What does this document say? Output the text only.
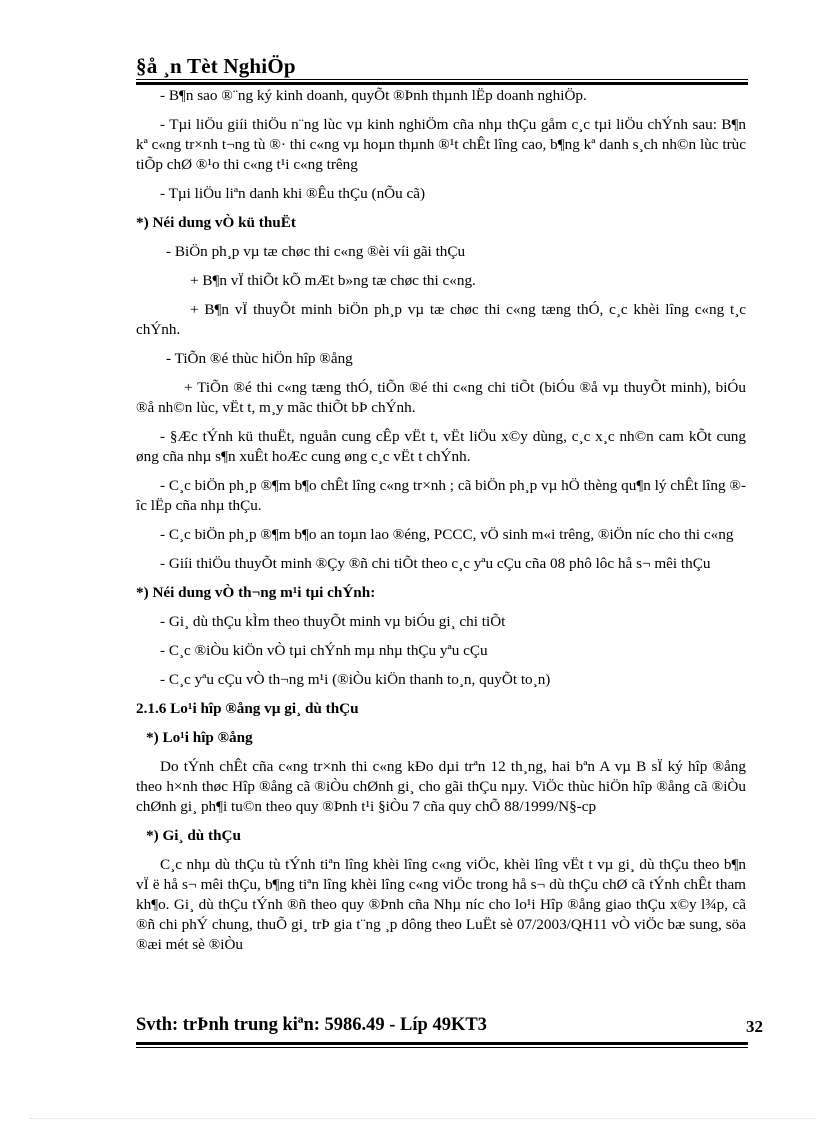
§å ¸n Tèt NghiÖp

- B¶n sao ®¨ng ký kinh doanh, quyÕt ®Þnh thµnh lËp doanh nghiÖp.

- Tµi liÖu giíi thiÖu n¨ng lùc vµ kinh nghiÖm cña nhµ thÇu gåm c¸c tµi liÖu chÝnh sau: B¶n kª c«ng tr×nh t¬ng tù ®· thi c«ng vµ hoµn thµnh ®¹t chÊt lîng cao, b¶ng kª danh s¸ch nh©n lùc trùc tiÕp chØ ®¹o thi c«ng t¹i c«ng trêng

- Tµi liÖu liªn danh khi ®Êu thÇu (nÕu cã)

*) Néi dung vÒ kü thuËt

- BiÖn ph¸p vµ tæ chøc thi c«ng ®èi víi gãi thÇu

+ B¶n vÏ thiÕt kÕ mÆt b»ng tæ chøc thi c«ng.

+ B¶n vÏ thuyÕt minh biÖn ph¸p vµ tæ chøc thi c«ng tæng thÓ, c¸c khèi lîng c«ng t¸c chÝnh.

- TiÕn ®é thùc hiÖn hîp ®ång

+ TiÕn ®é thi c«ng tæng thÓ, tiÕn ®é thi c«ng chi tiÕt (biÓu ®å vµ thuyÕt minh), biÓu ®å nh©n lùc, vËt t, m¸y mãc thiÕt bÞ chÝnh.

- §Æc tÝnh kü thuËt, nguån cung cÊp vËt t, vËt liÖu x©y dùng, c¸c x¸c nh©n cam kÕt cung øng cña nhµ s¶n xuÊt hoÆc cung øng c¸c vËt t chÝnh.

- C¸c biÖn ph¸p ®¶m b¶o chÊt lîng c«ng tr×nh ; cã biÖn ph¸p vµ hÖ thèng qu¶n lý chÊt lîng ®îc lËp cña nhµ thÇu.

- C¸c biÖn ph¸p ®¶m b¶o an toµn lao ®éng, PCCC, vÖ sinh m«i trêng, ®iÖn níc cho thi c«ng

- Giíi thiÖu thuyÕt minh ®Çy ®ñ chi tiÕt theo c¸c yªu cÇu cña 08 phô lôc hå s¬ mêi thÇu

*) Néi dung vÒ th¬ng m¹i tµi chÝnh:

- Gi¸ dù thÇu kÌm theo thuyÕt minh vµ biÓu gi¸ chi tiÕt

- C¸c ®iÒu kiÖn vÒ tµi chÝnh mµ nhµ thÇu yªu cÇu

- C¸c yªu cÇu vÒ th¬ng m¹i (®iÒu kiÖn thanh to¸n, quyÕt to¸n)

2.1.6 Lo¹i hîp ®ång vµ gi¸ dù thÇu

*) Lo¹i hîp ®ång

Do tÝnh chÊt cña c«ng tr×nh thi c«ng kÐo dµi trªn 12 th¸ng, hai bªn A vµ B sÏ ký hîp ®ång theo h×nh thøc Hîp ®ång cã ®iÒu chØnh gi¸ cho gãi thÇu nµy. ViÖc thùc hiÖn hîp ®ång cã ®iÒu chØnh gi¸ ph¶i tu©n theo quy ®Þnh t¹i §iÒu 7 cña quy chÕ 88/1999/N§-cp

*) Gi¸ dù thÇu

C¸c nhµ dù thÇu tù tÝnh tiªn lîng khèi lîng c«ng viÖc, khèi lîng vËt t vµ gi¸ dù thÇu theo b¶n vÏ ë hå s¬ mêi thÇu, b¶ng tiªn lîng khèi lîng c«ng viÖc trong hå s¬ dù thÇu chØ cã tÝnh chÊt tham kh¶o. Gi¸ dù thÇu tÝnh ®ñ theo quy ®Þnh cña Nhµ níc cho lo¹i Hîp ®ång giao thÇu x©y l¾p, cã ®ñ chi phÝ chung, thuÕ gi¸ trÞ gia t¨ng ¸p dông theo LuËt sè 07/2003/QH11 vÒ viÖc bæ sung, söa ®æi mét sè ®iÒu

Svth: trÞnh trung kiªn: 5986.49 - Líp 49KT3	32
